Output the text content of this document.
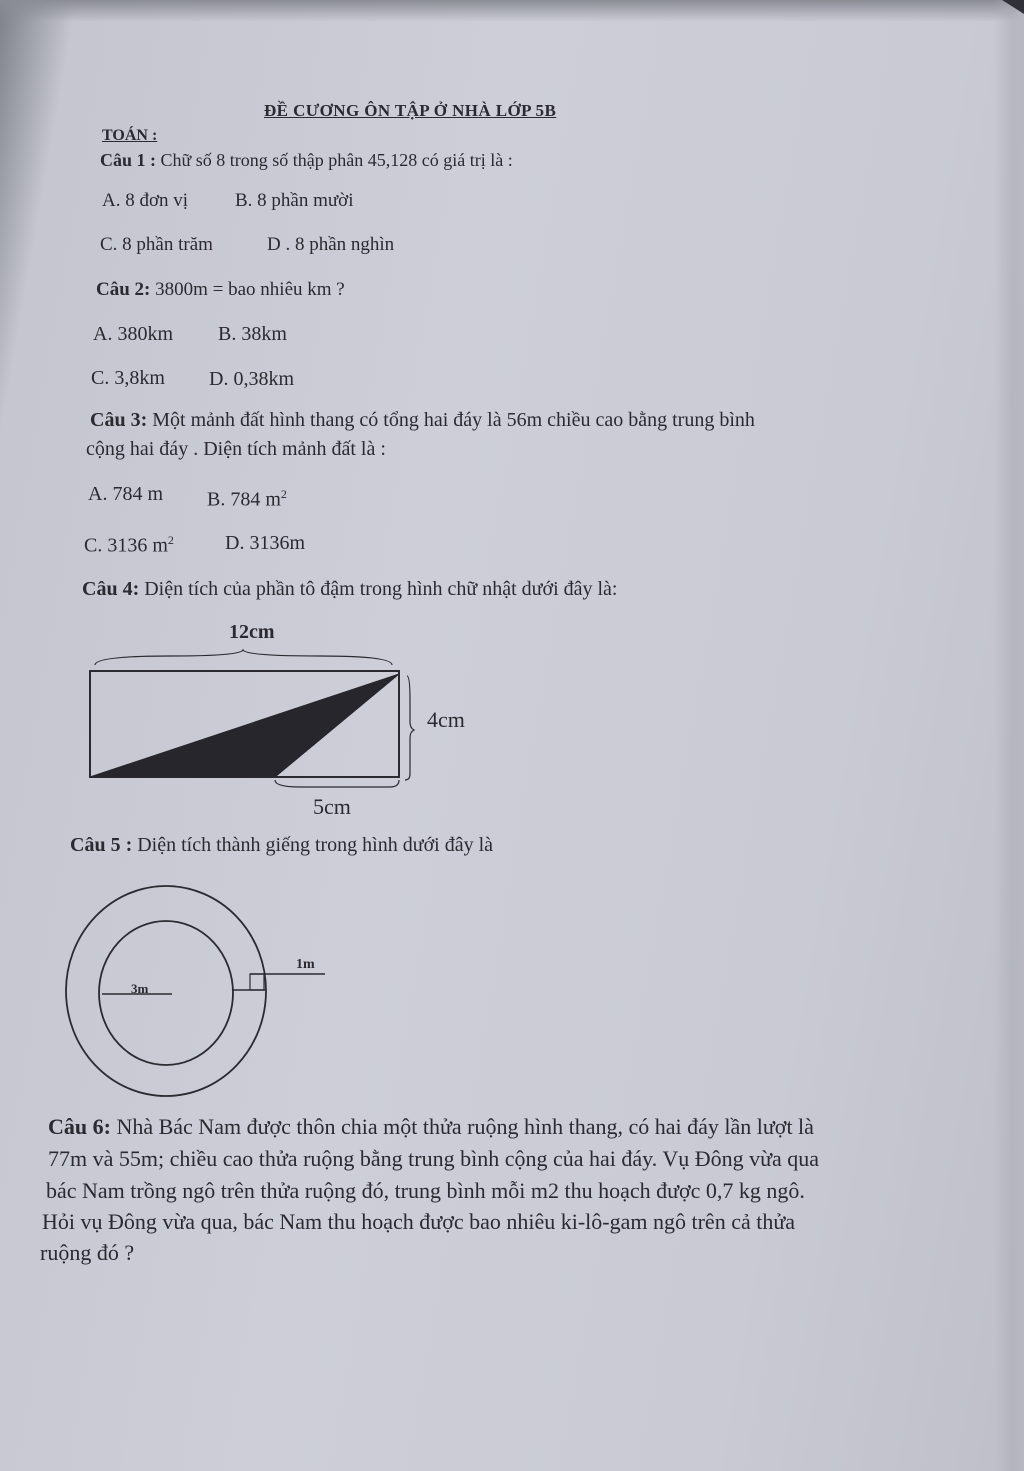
ĐỀ CƯƠNG ÔN TẬP Ở NHÀ LỚP 5B
TOÁN :
Câu 1 : Chữ số 8 trong số thập phân 45,128 có giá trị là :
A. 8 đơn vị B. 8 phần mười
C. 8 phần trăm	D . 8 phần nghìn
Câu 2: 3800m = bao nhiêu km ?
A. 380km B. 38km
C. 3,8km D. 0,38km
Câu 3: Một mảnh đất hình thang có tổng hai đáy là 56m chiều cao bằng trung bình
cộng hai đáy . Diện tích mảnh đất là :
A. 784 m B. 784 $m^2$
C. 3136 $m^2$	D. 3136m
Câu 4: Diện tích của phần tô đậm trong hình chữ nhật dưới đây là:
12cm
4cm
5cm
Câu 5 : Diện tích thành giếng trong hình dưới đây là
1m
3m
Câu 6: Nhà Bác Nam được thôn chia một thửa ruộng hình thang, có hai đáy lần lượt là
77m và 55m; chiều cao thửa ruộng bằng trung bình cộng của hai đáy. Vụ Đông vừa qua
bác Nam trồng ngô trên thửa ruộng đó, trung bình mỗi m2 thu hoạch được 0,7 kg ngô.
Hỏi vụ Đông vừa qua, bác Nam thu hoạch được bao nhiêu ki-lô-gam ngô trên cả thửa
ruộng đó ?
